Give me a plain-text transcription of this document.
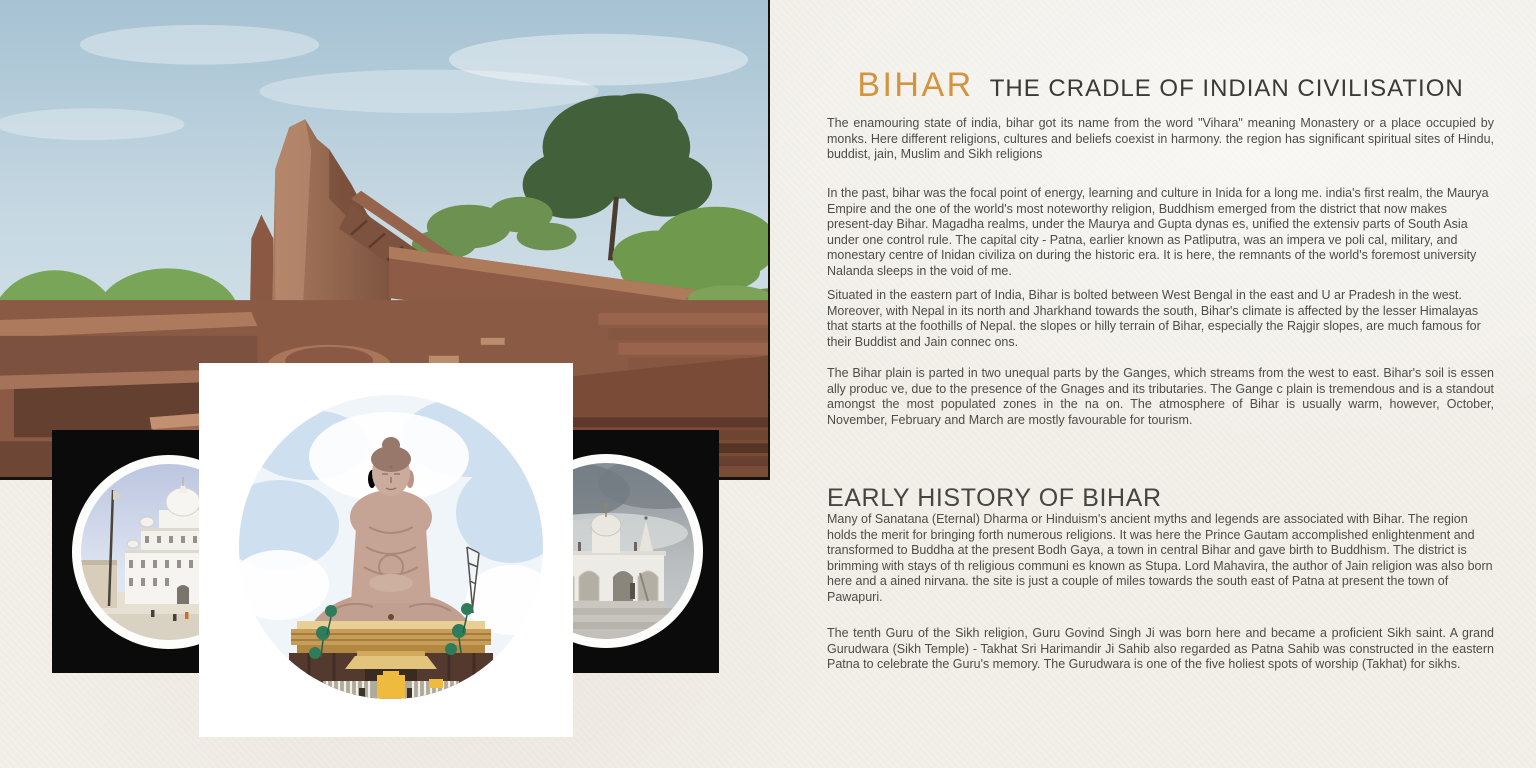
BIHAR THE CRADLE OF INDIAN CIVILISATION

The enamouring state of india, bihar got its name from the word "Vihara" meaning Monastery or a place occupied by monks. Here different religions, cultures and beliefs coexist in harmony. the region has significant spiritual sites of Hindu, buddist, jain, Muslim and Sikh religions

In the past, bihar was the focal point of energy, learning and culture in Inida for a long me. india's first realm, the Maurya Empire and the one of the world's most noteworthy religion, Buddhism emerged from the district that now makes present-day Bihar. Magadha realms, under the Maurya and Gupta dynas es, unified the extensiv parts of South Asia under one control rule. The capital city - Patna, earlier known as Patliputra, was an impera ve poli cal, military, and monestary centre of Inidan civiliza on during the historic era. It is here, the remnants of the world's foremost university Nalanda sleeps in the void of me.

Situated in the eastern part of India, Bihar is bolted between West Bengal in the east and U ar Pradesh in the west. Moreover, with Nepal in its north and Jharkhand towards the south, Bihar's climate is affected by the lesser Himalayas that starts at the foothills of Nepal. the slopes or hilly terrain of Bihar, especially the Rajgir slopes, are much famous for their Buddist and Jain connec ons.

The Bihar plain is parted in two unequal parts by the Ganges, which streams from the west to east. Bihar's soil is essen ally produc ve, due to the presence of the Gnages and its tributaries. The Gange c plain is tremendous and is a standout amongst the most populated zones in the na on. The atmosphere of Bihar is usually warm, however, October, November, February and March are mostly favourable for tourism.

EARLY HISTORY OF BIHAR

Many of Sanatana (Eternal) Dharma or Hinduism's ancient myths and legends are associated with Bihar. The region holds the merit for bringing forth numerous religions. It was here the Prince Gautam accomplished enlightenment and transformed to Buddha at the present Bodh Gaya, a town in central Bihar and gave birth to Buddhism. The district is brimming with stays of th religious communi es known as Stupa. Lord Mahavira, the author of Jain religion was also born here and a ained nirvana. the site is just a couple of miles towards the south east of Patna at present the town of Pawapuri.

The tenth Guru of the Sikh religion, Guru Govind Singh Ji was born here and became a proficient Sikh saint. A grand Gurudwara (Sikh Temple) - Takhat Sri Harimandir Ji Sahib also regarded as Patna Sahib was constructed in the eastern Patna to celebrate the Guru's memory. The Gurudwara is one of the five holiest spots of worship (Takhat) for sikhs.
